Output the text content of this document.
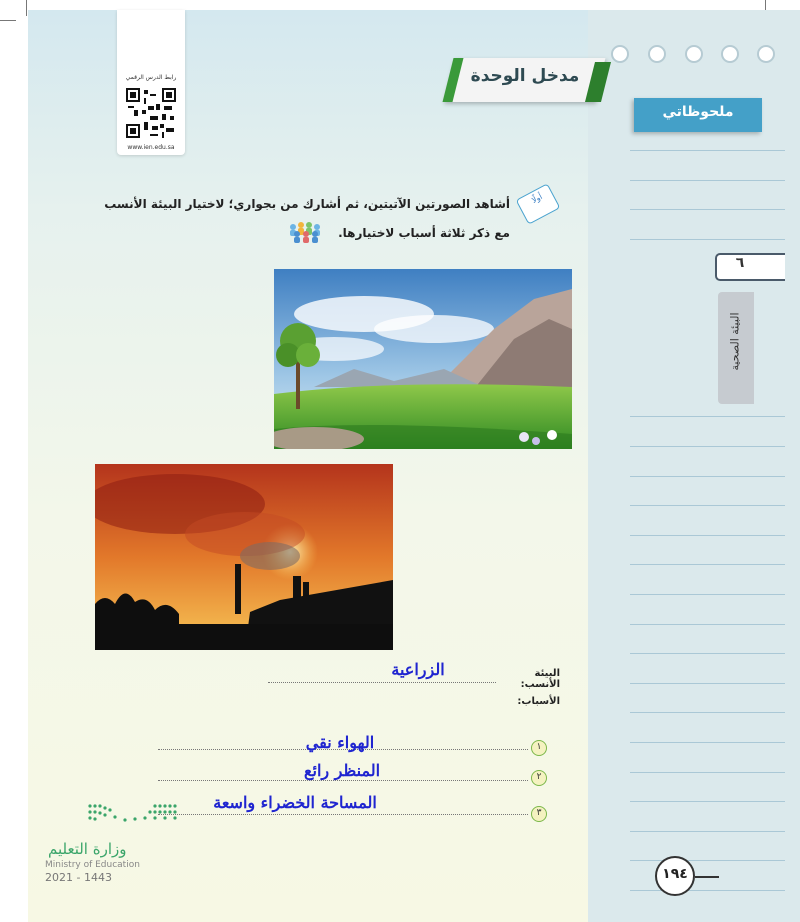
رابط الدرس الرقمي
www.ien.edu.sa
مدخل الوحدة
ملحوظاتي
٦
البيئة الصحية
أولًا
أشاهد الصورتين الآتيتين، ثم أشارك من بجواري؛ لاختيار البيئة الأنسب
مع ذكر ثلاثة أسباب لاختيارها.
البيئة الأنسب:
الزراعية
الأسباب:
١
الهواء نقي
٢
المنظر رائع
٣
المساحة الخضراء واسعة
وزارة التعليم
Ministry of Education
2021 - 1443	١٩٤
